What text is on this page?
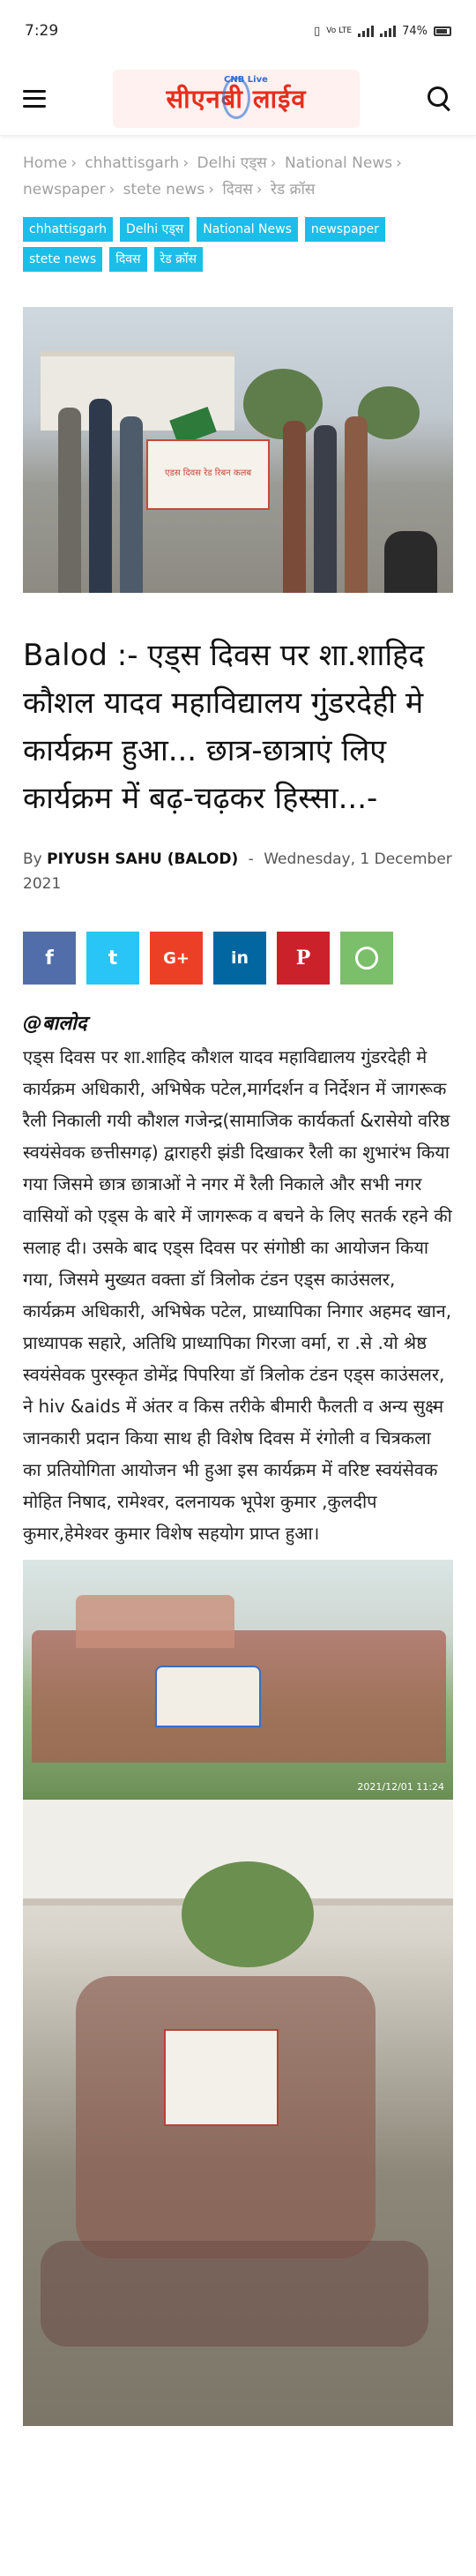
7:29	▯ Vo LTE	74%
सीएनबी लाईव
CNB Live
Home › chhattisgarh › Delhi एड्स › National News › newspaper › stete news › दिवस › रेड क्रॉस
chhattisgarh	Delhi एड्स	National News	newspaper
stete news	दिवस	रेड क्रॉस
एडस दिवस रेड रिबन कलब
Balod :- एड्स दिवस पर शा.शाहिद कौशल यादव महाविद्यालय गुंडरदेही मे कार्यक्रम हुआ... छात्र-छात्राएं लिए कार्यक्रम में बढ़-चढ़कर हिस्सा...-
By PIYUSH SAHU (BALOD) - Wednesday, 1 December 2021
f	t	G+ in P
@बालोद

एड्स दिवस पर शा.शाहिद कौशल यादव महाविद्यालय गुंडरदेही मे कार्यक्रम अधिकारी, अभिषेक पटेल,मार्गदर्शन व निर्देशन में जागरूक रैली निकाली गयी कौशल गजेन्द्र(सामाजिक कार्यकर्ता &रासेयो वरिष्ठ स्वयंसेवक छत्तीसगढ़) द्वाराहरी झंडी दिखाकर रैली का शुभारंभ किया गया जिसमे छात्र छात्राओं ने नगर में रैली निकाले और सभी नगर वासियों को एड्स के बारे में जागरूक व बचने के लिए सतर्क रहने की सलाह दी। उसके बाद एड्स दिवस पर संगोष्ठी का आयोजन किया गया, जिसमे मुख्यत वक्ता डॉ त्रिलोक टंडन एड्स काउंसलर, कार्यक्रम अधिकारी, अभिषेक पटेल, प्राध्यापिका निगार अहमद खान, प्राध्यापक सहारे, अतिथि प्राध्यापिका गिरजा वर्मा, रा .से .यो श्रेष्ठ स्वयंसेवक पुरस्कृत डोमेंद्र पिपरिया डॉ त्रिलोक टंडन एड्स काउंसलर, ने hiv &aids में अंतर व किस तरीके बीमारी फैलती व अन्य सुक्ष्म जानकारी प्रदान किया साथ ही विशेष दिवस में रंगोली व चित्रकला का प्रतियोगिता आयोजन भी हुआ इस कार्यक्रम में वरिष्ट स्वयंसेवक मोहित निषाद, रामेश्वर, दलनायक भूपेश कुमार ,कुलदीप कुमार,हेमेश्वर कुमार विशेष सहयोग प्राप्त हुआ।

2021/12/01 11:24
